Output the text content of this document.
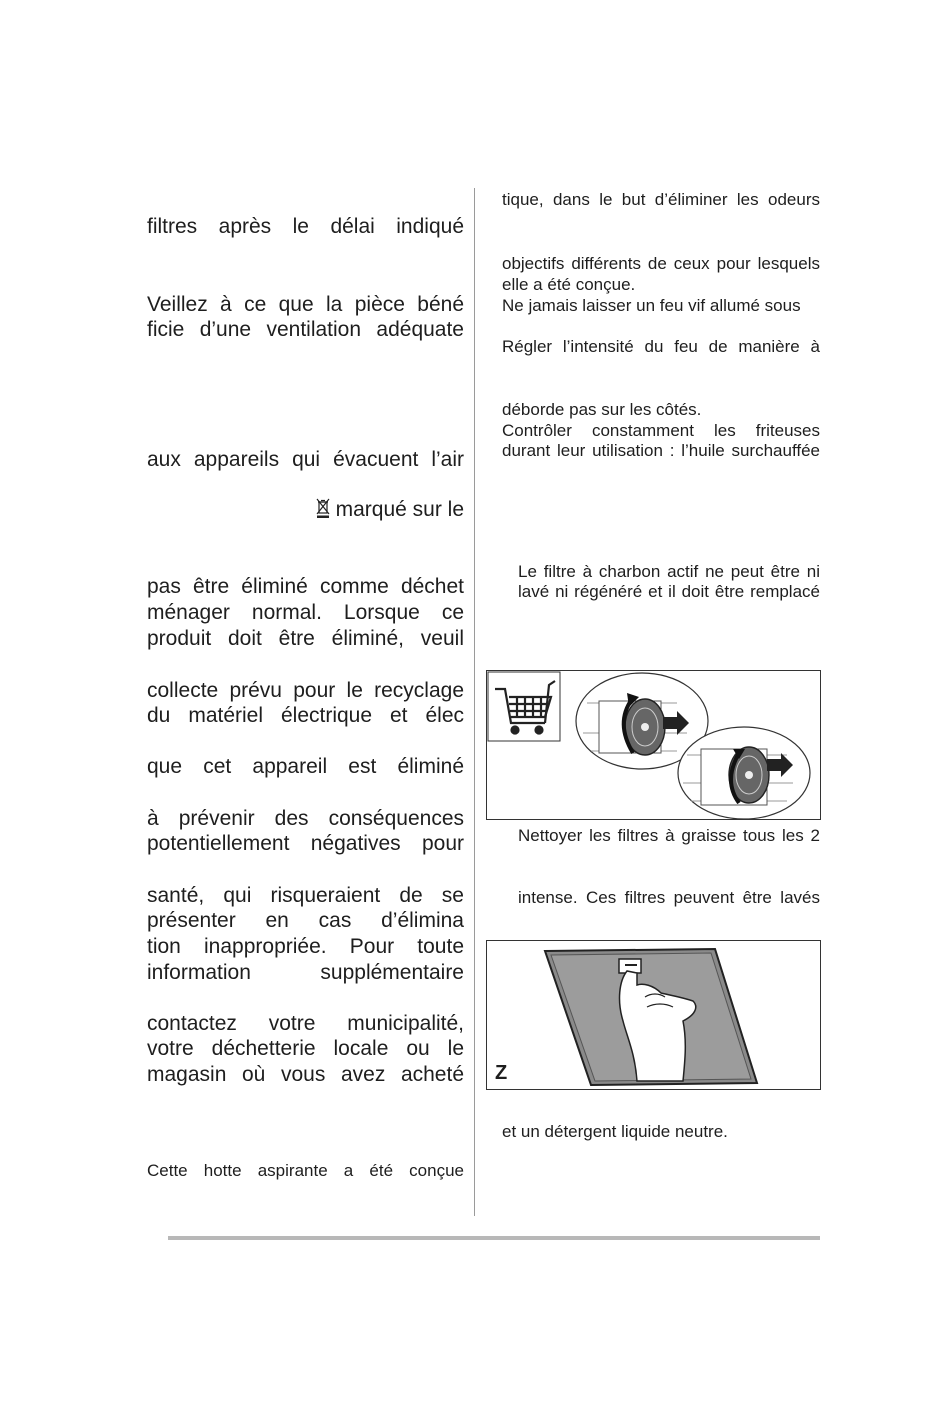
filtres après le délai indiqué
Veillez à ce que la pièce béné
ficie d’une ventilation adéquate
aux appareils qui évacuent l’air
marqué sur le
pas être éliminé comme déchet
ménager normal. Lorsque ce
produit doit être éliminé, veuil
collecte prévu pour le recyclage
du matériel électrique et élec
que cet appareil est éliminé
à prévenir des conséquences
potentiellement négatives pour
santé, qui risqueraient de se
présenter en cas d’élimina
tion inappropriée. Pour toute
information supplémentaire
contactez votre municipalité,
votre déchetterie locale ou le
magasin où vous avez acheté
Cette hotte aspirante a été conçue
tique, dans le but d’éliminer les odeurs
objectifs différents de ceux pour lesquels
elle a été conçue.
Ne jamais laisser un feu vif allumé sous
Régler l’intensité du feu de manière à
déborde pas sur les côtés.
Contrôler constamment les friteuses
durant leur utilisation : l’huile surchauffée
Le filtre à charbon actif ne peut être ni
lavé ni régénéré et il doit être remplacé
Nettoyer les filtres à graisse tous les 2
intense. Ces filtres peuvent être lavés
Z
et un détergent liquide neutre.
